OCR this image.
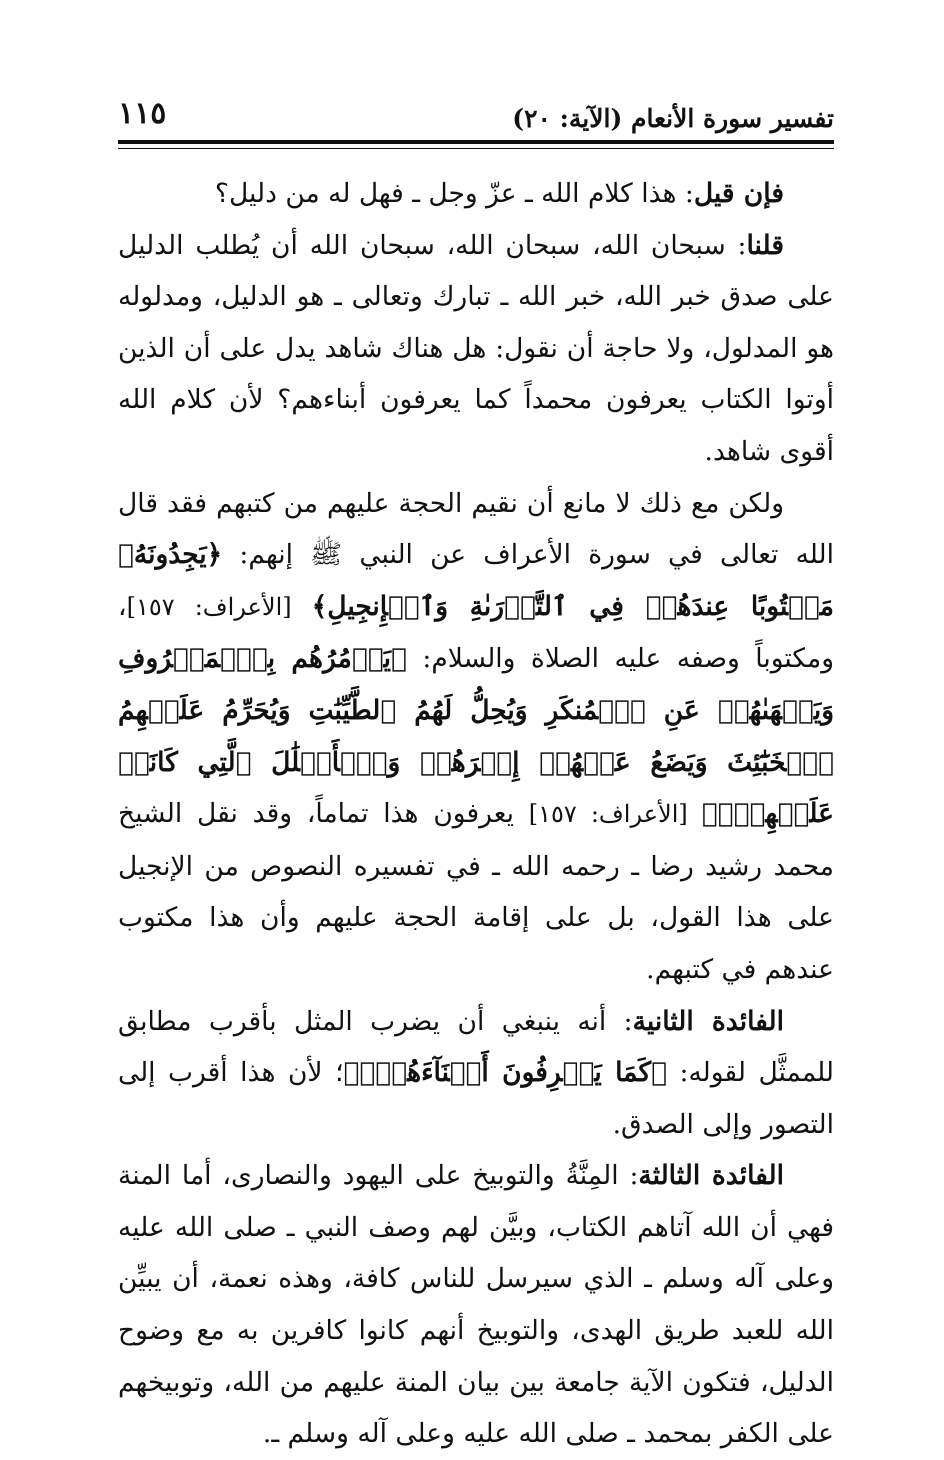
تفسير سورة الأنعام (الآية: ٢٠)
١١٥

فإن قيل: هذا كلام الله ـ عزّ وجل ـ فهل له من دليل؟

قلنا: سبحان الله، سبحان الله، سبحان الله أن يُطلب الدليل على صدق خبر الله، خبر الله ـ تبارك وتعالى ـ هو الدليل، ومدلوله هو المدلول، ولا حاجة أن نقول: هل هناك شاهد يدل على أن الذين أوتوا الكتاب يعرفون محمداً كما يعرفون أبناءهم؟ لأن كلام الله أقوى شاهد.

ولكن مع ذلك لا مانع أن نقيم الحجة عليهم من كتبهم فقد قال الله تعالى في سورة الأعراف عن النبي ﷺ إنهم: ﴿يَجِدُونَهُۥ مَكۡتُوبًا عِندَهُمۡ فِي ٱلتَّوۡرَىٰةِ وَٱلۡإِنجِيلِ﴾ [الأعراف: ١٥٧]، ومكتوباً وصفه عليه الصلاة والسلام: ﴿يَأۡمُرُهُم بِٱلۡمَعۡرُوفِ وَيَنۡهَىٰهُمۡ عَنِ ٱلۡمُنكَرِ وَيُحِلُّ لَهُمُ ٱلطَّيِّبَٰتِ وَيُحَرِّمُ عَلَيۡهِمُ ٱلۡخَبَٰٓئِثَ وَيَضَعُ عَنۡهُمۡ إِصۡرَهُمۡ وَٱلۡأَغۡلَٰلَ ٱلَّتِي كَانَتۡ عَلَيۡهِمۡۚ﴾ [الأعراف: ١٥٧] يعرفون هذا تماماً، وقد نقل الشيخ محمد رشيد رضا ـ رحمه الله ـ في تفسيره النصوص من الإنجيل على هذا القول، بل على إقامة الحجة عليهم وأن هذا مكتوب عندهم في كتبهم.

الفائدة الثانية: أنه ينبغي أن يضرب المثل بأقرب مطابق للممثَّل لقوله: ﴿كَمَا يَعۡرِفُونَ أَبۡنَآءَهُمُۘ﴾؛ لأن هذا أقرب إلى التصور وإلى الصدق.

الفائدة الثالثة: المِنَّةُ والتوبيخ على اليهود والنصارى، أما المنة فهي أن الله آتاهم الكتاب، وبيَّن لهم وصف النبي ـ صلى الله عليه وعلى آله وسلم ـ الذي سيرسل للناس كافة، وهذه نعمة، أن يبيِّن الله للعبد طريق الهدى، والتوبيخ أنهم كانوا كافرين به مع وضوح الدليل، فتكون الآية جامعة بين بيان المنة عليهم من الله، وتوبيخهم على الكفر بمحمد ـ صلى الله عليه وعلى آله وسلم ـ.
